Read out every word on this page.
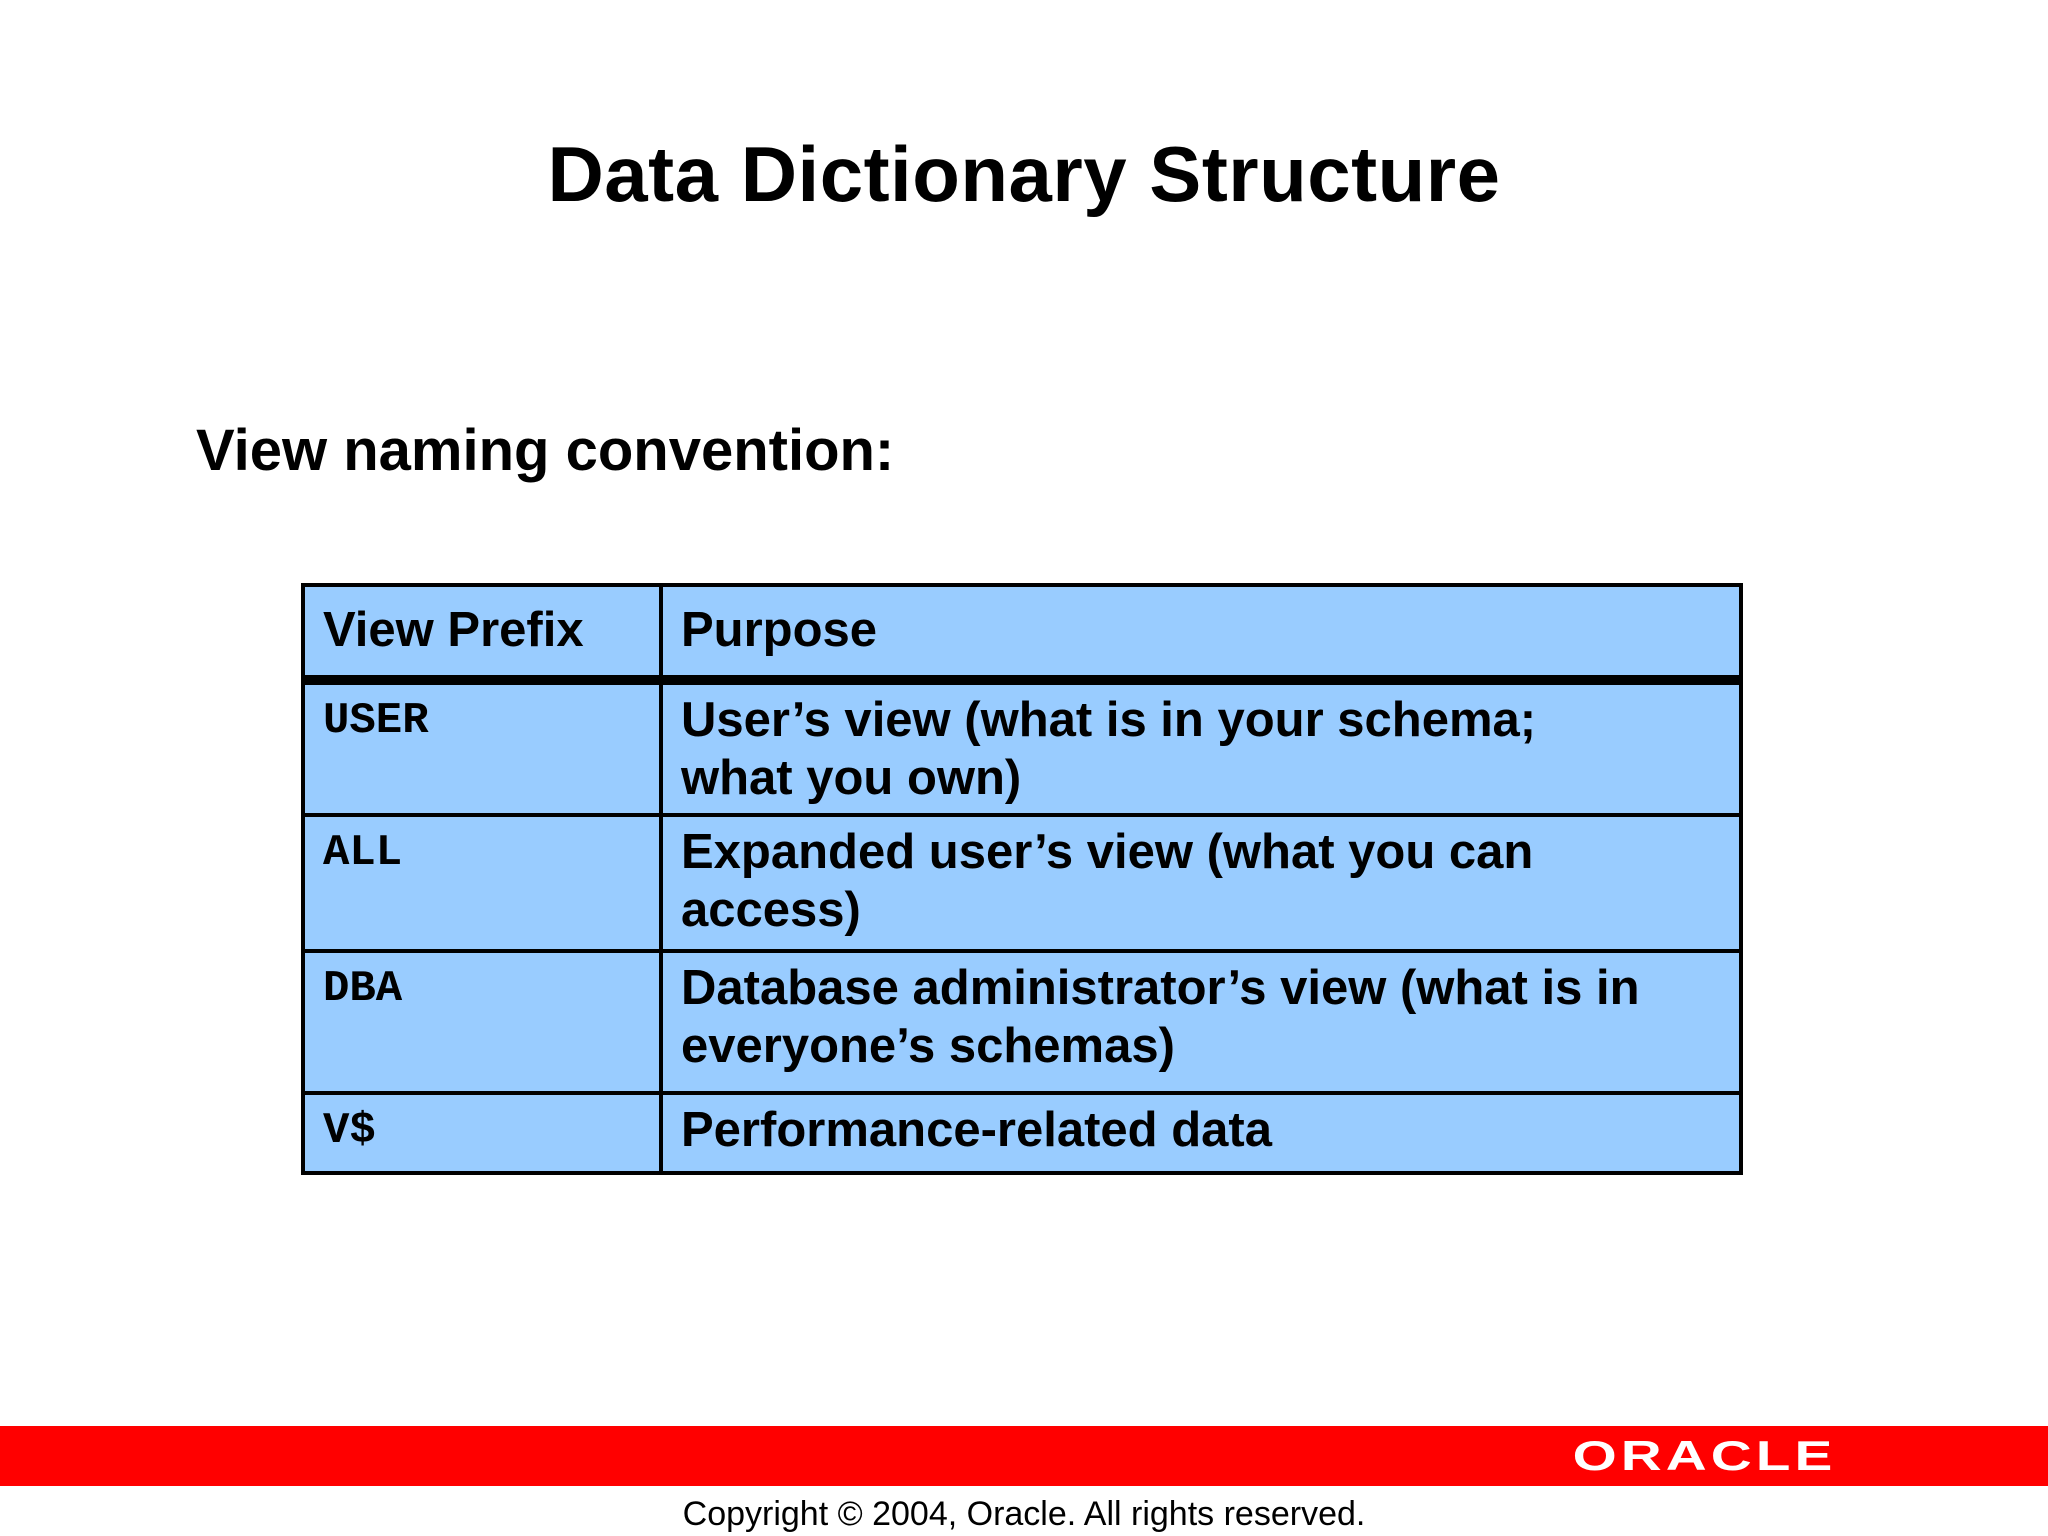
Data Dictionary Structure
View naming convention:
View Prefix	Purpose
USER	User’s view (what is in your schema;
what you own)
ALL	Expanded user’s view (what you can
access)
DBA	Database administrator’s view (what is in
everyone’s schemas)
V$	Performance-related data
ORACLE

Copyright © 2004, Oracle. All rights reserved.
